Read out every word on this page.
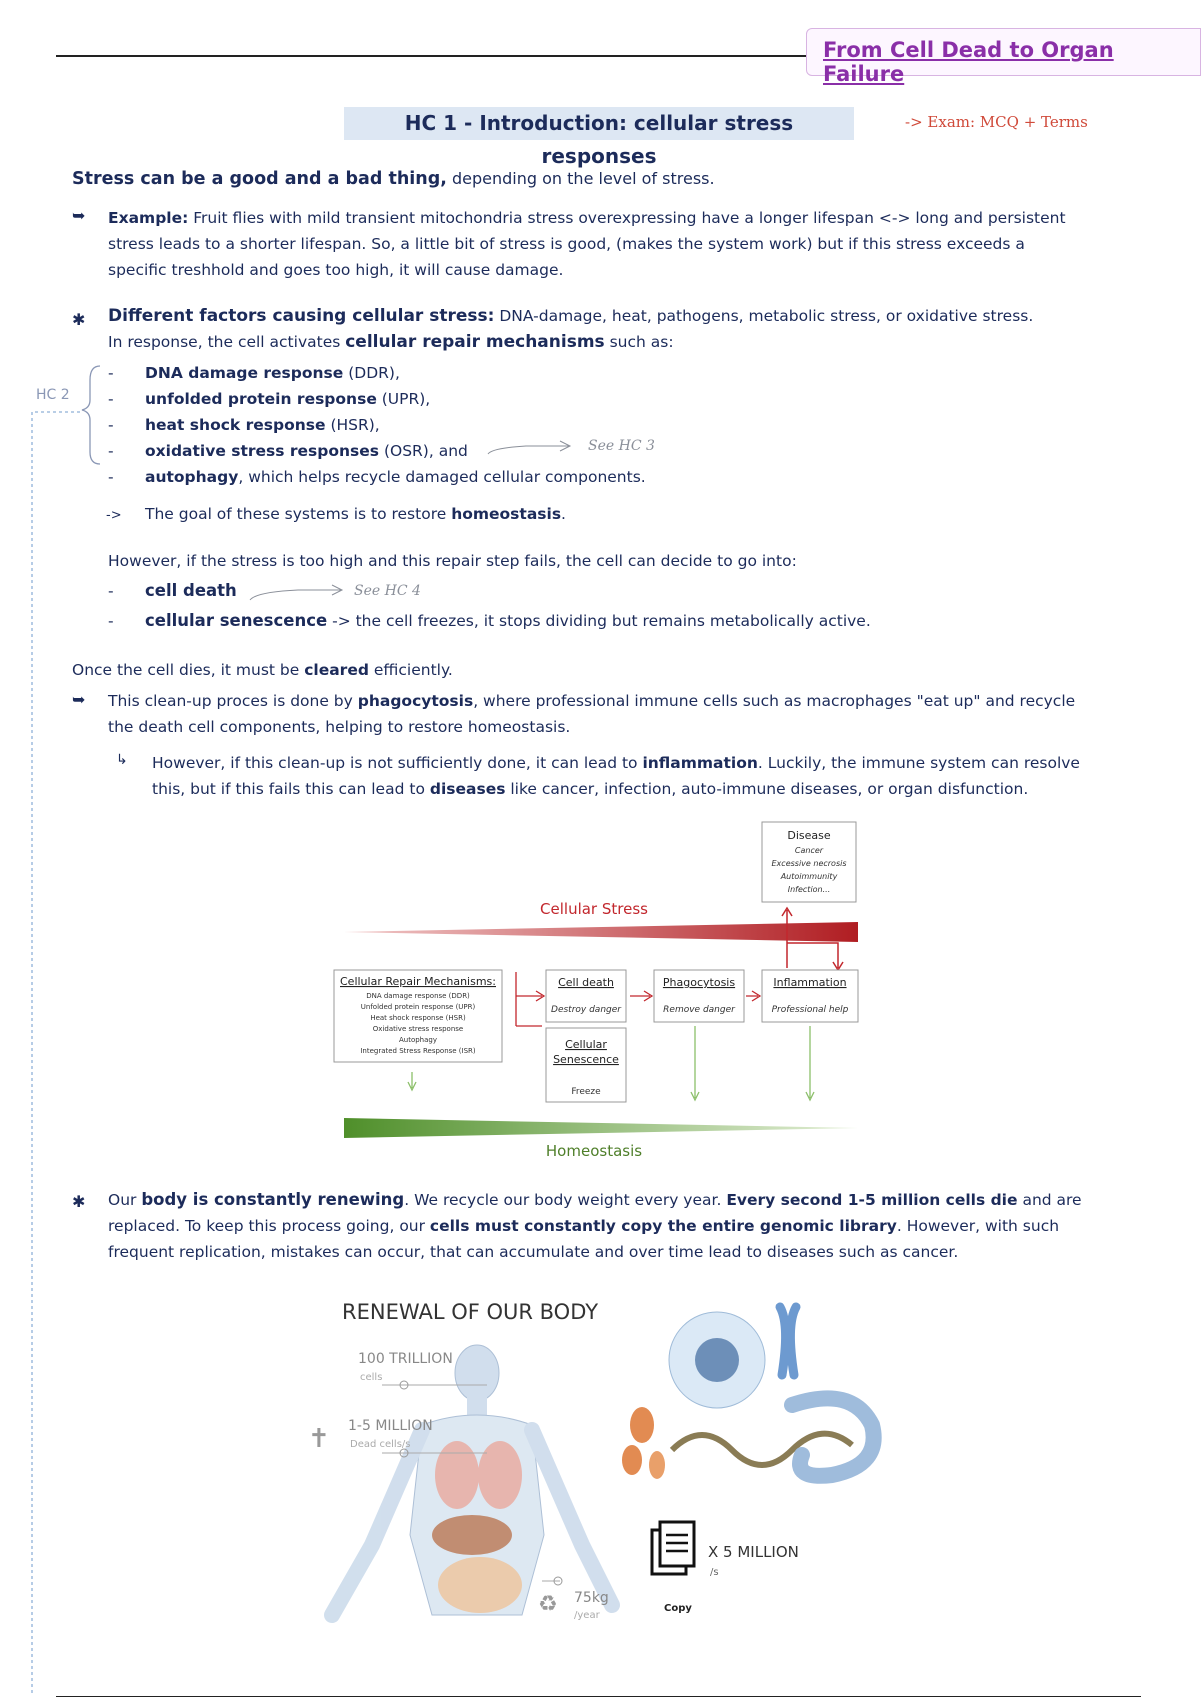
From Cell Dead to Organ Failure
HC 1 - Introduction: cellular stress responses
-> Exam: MCQ + Terms
Stress can be a good and a bad thing, depending on the level of stress.
➥ Example: Fruit flies with mild transient mitochondria stress overexpressing have a longer lifespan <-> long and persistent
stress leads to a shorter lifespan. So, a little bit of stress is good, (makes the system work) but if this stress exceeds a
specific treshhold and goes too high, it will cause damage.
✱ Different factors causing cellular stress: DNA-damage, heat, pathogens, metabolic stress, or oxidative stress.
In response, the cell activates cellular repair mechanisms such as:
HC 2
- DNA damage response (DDR),
- unfolded protein response (UPR),
- heat shock response (HSR),
- oxidative stress responses (OSR), and
- autophagy, which helps recycle damaged cellular components.
See HC 3
-> The goal of these systems is to restore homeostasis.
However, if the stress is too high and this repair step fails, the cell can decide to go into:
- cell death	See HC 4
- cellular senescence -> the cell freezes, it stops dividing but remains metabolically active.
Once the cell dies, it must be cleared efficiently.
➥ This clean-up proces is done by phagocytosis, where professional immune cells such as macrophages "eat up" and recycle
the death cell components, helping to restore homeostasis.
↳ However, if this clean-up is not sufficiently done, it can lead to inflammation. Luckily, the immune system can resolve
this, but if this fails this can lead to diseases like cancer, infection, auto-immune diseases, or organ disfunction.
Cellular Stress
Disease
Cancer
Excessive necrosis
Autoimmunity
Infection...
Cellular Repair Mechanisms:
DNA damage response (DDR)
Unfolded protein response (UPR)
Heat shock response (HSR)
Oxidative stress response
Autophagy
Integrated Stress Response (ISR)
Cell death
Destroy danger
Cellular
Senescence
Freeze
Phagocytosis
Remove danger
Inflammation
Professional help
Homeostasis
✱ Our body is constantly renewing. We recycle our body weight every year. Every second 1-5 million cells die and are
replaced. To keep this process going, our cells must constantly copy the entire genomic library. However, with such
frequent replication, mistakes can occur, that can accumulate and over time lead to diseases such as cancer.
RENEWAL OF OUR BODY
100 TRILLION
cells
✝ 1-5 MILLION
Dead cells/s
♻ 75kg
/year
X 5 MILLION
/s
Copy
